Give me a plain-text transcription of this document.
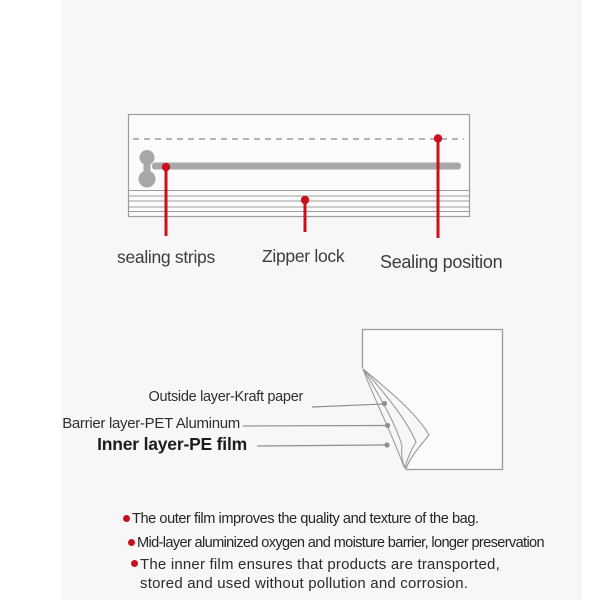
sealing strips	Zipper lock Sealing position
Outside layer-Kraft paper
Barrier layer-PET Aluminum
Inner layer-PE film
The outer film improves the quality and texture of the bag.
Mid-layer aluminized oxygen and moisture barrier, longer preservation
The inner film ensures that products are transported,
stored and used without pollution and corrosion.
